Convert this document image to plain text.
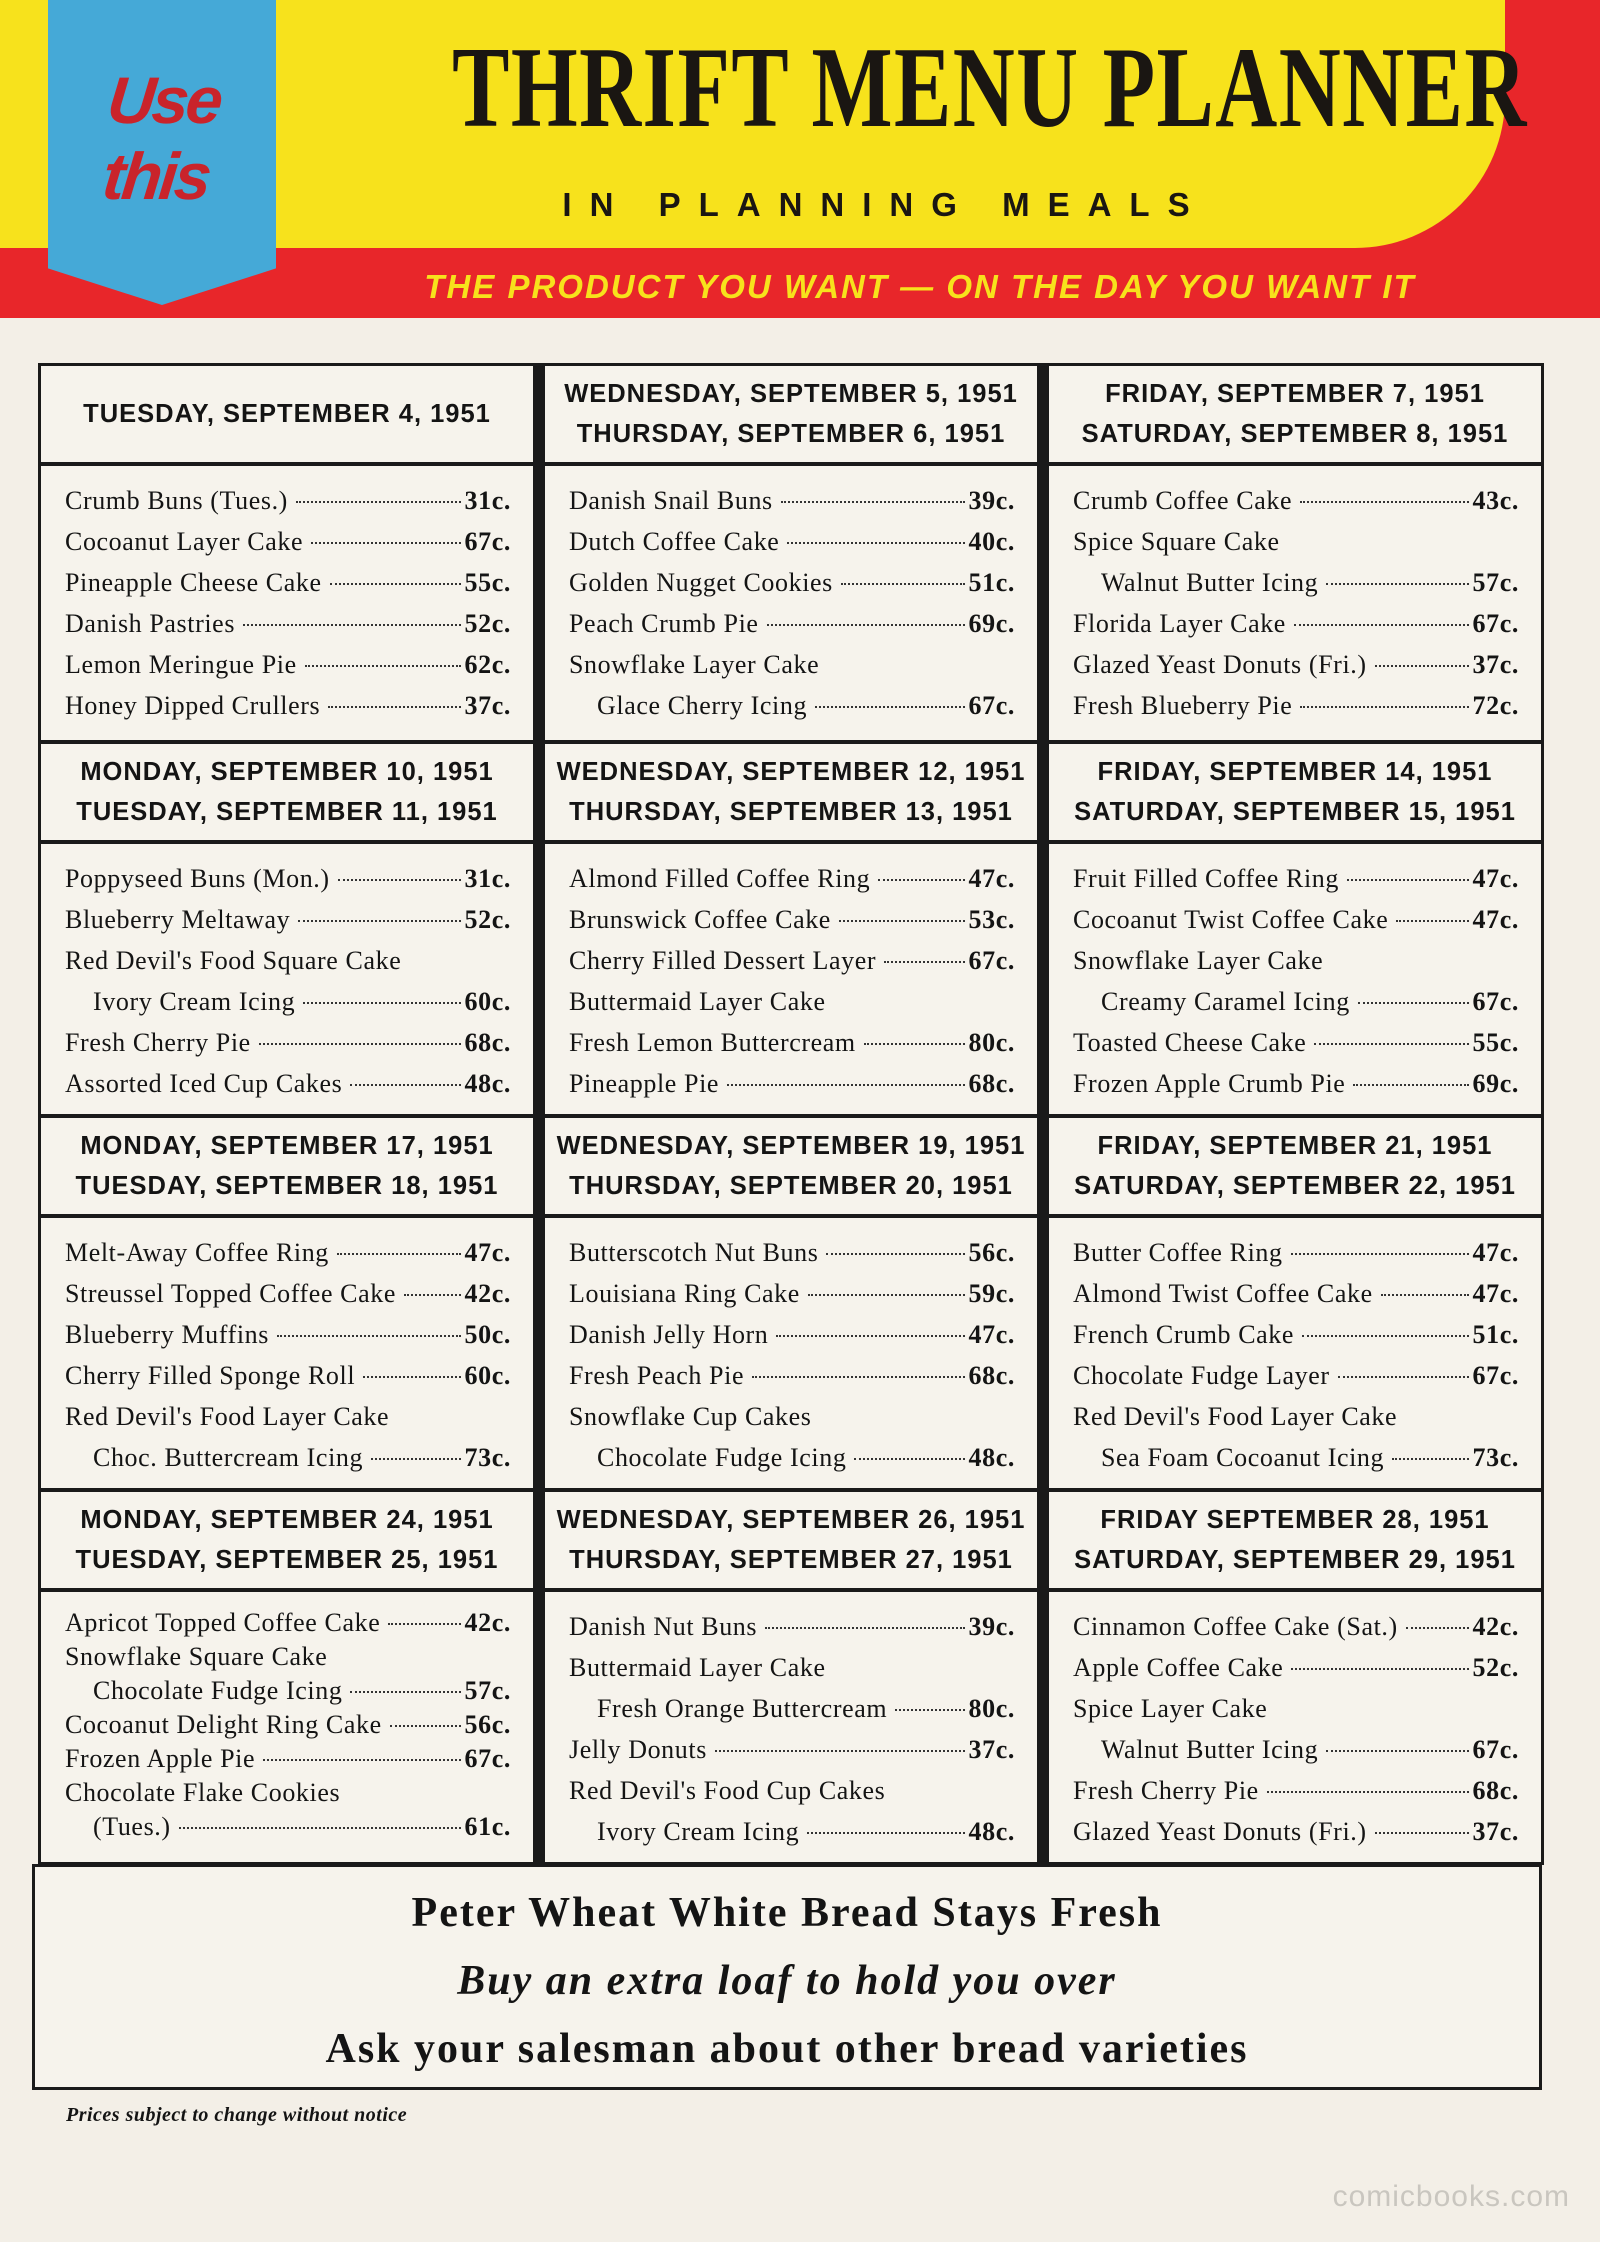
Use this
THRIFT MENU PLANNER
IN PLANNING MEALS
THE PRODUCT YOU WANT — ON THE DAY YOU WANT IT
TUESDAY, SEPTEMBER 4, 1951
Crumb Buns (Tues.)	31c.
Cocoanut Layer Cake	67c.
Pineapple Cheese Cake	55c.
Danish Pastries	52c.
Lemon Meringue Pie	62c.
Honey Dipped Crullers	37c.
WEDNESDAY, SEPTEMBER 5, 1951
THURSDAY, SEPTEMBER 6, 1951
Danish Snail Buns	39c.
Dutch Coffee Cake	40c.
Golden Nugget Cookies	51c.
Peach Crumb Pie	69c.
Snowflake Layer Cake
Glace Cherry Icing	67c.
FRIDAY, SEPTEMBER 7, 1951
SATURDAY, SEPTEMBER 8, 1951
Crumb Coffee Cake	43c.
Spice Square Cake
Walnut Butter Icing	57c.
Florida Layer Cake	67c.
Glazed Yeast Donuts (Fri.)	37c.
Fresh Blueberry Pie	72c.
MONDAY, SEPTEMBER 10, 1951
TUESDAY, SEPTEMBER 11, 1951
Poppyseed Buns (Mon.)	31c.
Blueberry Meltaway	52c.
Red Devil's Food Square Cake
Ivory Cream Icing	60c.
Fresh Cherry Pie	68c.
Assorted Iced Cup Cakes	48c.
WEDNESDAY, SEPTEMBER 12, 1951
THURSDAY, SEPTEMBER 13, 1951
Almond Filled Coffee Ring	47c.
Brunswick Coffee Cake	53c.
Cherry Filled Dessert Layer	67c.
Buttermaid Layer Cake
Fresh Lemon Buttercream	80c.
Pineapple Pie	68c.
FRIDAY, SEPTEMBER 14, 1951
SATURDAY, SEPTEMBER 15, 1951
Fruit Filled Coffee Ring	47c.
Cocoanut Twist Coffee Cake	47c.
Snowflake Layer Cake
Creamy Caramel Icing	67c.
Toasted Cheese Cake	55c.
Frozen Apple Crumb Pie	69c.
MONDAY, SEPTEMBER 17, 1951
TUESDAY, SEPTEMBER 18, 1951
Melt-Away Coffee Ring	47c.
Streussel Topped Coffee Cake	42c.
Blueberry Muffins	50c.
Cherry Filled Sponge Roll	60c.
Red Devil's Food Layer Cake
Choc. Buttercream Icing	73c.
WEDNESDAY, SEPTEMBER 19, 1951
THURSDAY, SEPTEMBER 20, 1951
Butterscotch Nut Buns	56c.
Louisiana Ring Cake	59c.
Danish Jelly Horn	47c.
Fresh Peach Pie	68c.
Snowflake Cup Cakes
Chocolate Fudge Icing	48c.
FRIDAY, SEPTEMBER 21, 1951
SATURDAY, SEPTEMBER 22, 1951
Butter Coffee Ring	47c.
Almond Twist Coffee Cake	47c.
French Crumb Cake	51c.
Chocolate Fudge Layer	67c.
Red Devil's Food Layer Cake
Sea Foam Cocoanut Icing	73c.
MONDAY, SEPTEMBER 24, 1951
TUESDAY, SEPTEMBER 25, 1951
Apricot Topped Coffee Cake	42c.
Snowflake Square Cake
Chocolate Fudge Icing	57c.
Cocoanut Delight Ring Cake	56c.
Frozen Apple Pie	67c.
Chocolate Flake Cookies
(Tues.)	61c.
WEDNESDAY, SEPTEMBER 26, 1951
THURSDAY, SEPTEMBER 27, 1951
Danish Nut Buns	39c.
Buttermaid Layer Cake
Fresh Orange Buttercream	80c.
Jelly Donuts	37c.
Red Devil's Food Cup Cakes
Ivory Cream Icing	48c.
FRIDAY SEPTEMBER 28, 1951
SATURDAY, SEPTEMBER 29, 1951
Cinnamon Coffee Cake (Sat.)	42c.
Apple Coffee Cake	52c.
Spice Layer Cake
Walnut Butter Icing	67c.
Fresh Cherry Pie	68c.
Glazed Yeast Donuts (Fri.)	37c.
Peter Wheat White Bread Stays Fresh
Buy an extra loaf to hold you over
Ask your salesman about other bread varieties
Prices subject to change without notice
comicbooks.com
